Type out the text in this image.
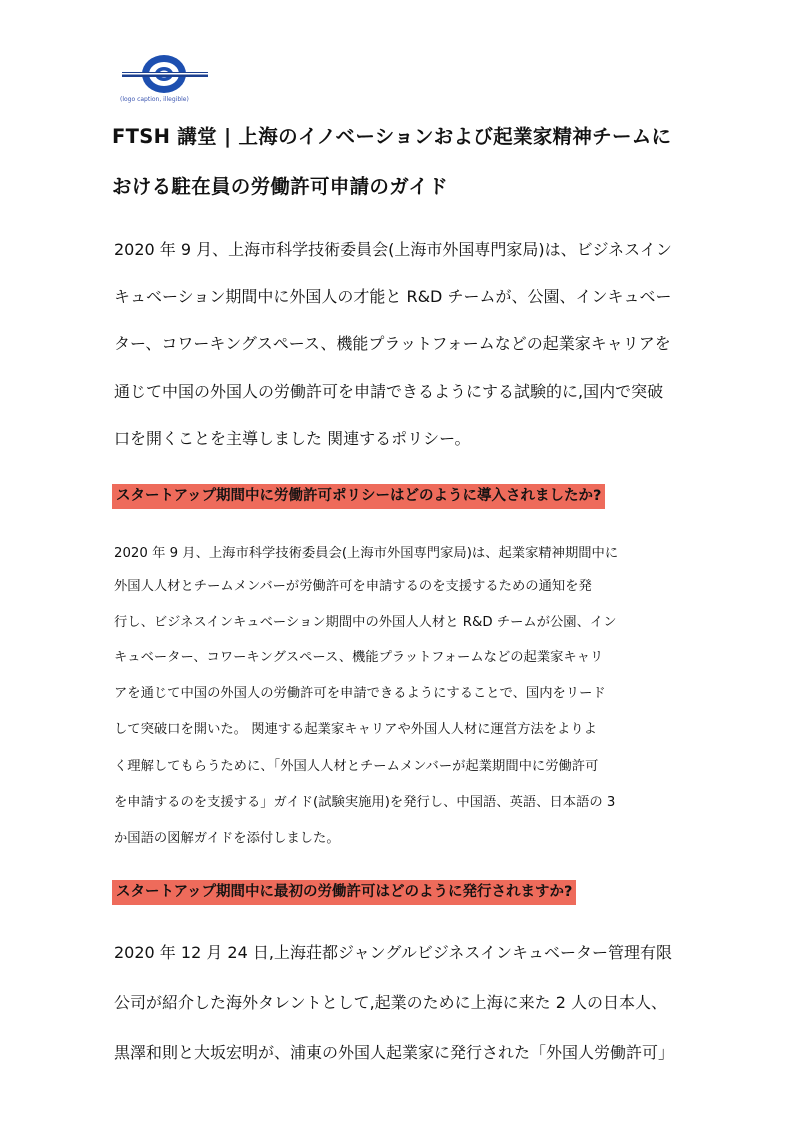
(logo caption, illegible)
FTSH 講堂 | 上海のイノベーションおよび起業家精神チームに
おける駐在員の労働許可申請のガイド
2020 年 9 月、上海市科学技術委員会(上海市外国専門家局)は、ビジネスイン
キュベーション期間中に外国人の才能と R&D チームが、公園、インキュベー
ター、コワーキングスペース、機能プラットフォームなどの起業家キャリアを
通じて中国の外国人の労働許可を申請できるようにする試験的に,国内で突破
口を開くことを主導しました 関連するポリシー。
スタートアップ期間中に労働許可ポリシーはどのように導入されましたか?
2020 年 9 月、上海市科学技術委員会(上海市外国専門家局)は、起業家精神期間中に
外国人人材とチームメンバーが労働許可を申請するのを支援するための通知を発
行し、ビジネスインキュベーション期間中の外国人人材と R&D チームが公園、イン
キュベーター、コワーキングスペース、機能プラットフォームなどの起業家キャリ
アを通じて中国の外国人の労働許可を申請できるようにすることで、国内をリード
して突破口を開いた。 関連する起業家キャリアや外国人人材に運営方法をよりよ
く理解してもらうために、「外国人人材とチームメンバーが起業期間中に労働許可
を申請するのを支援する」ガイド(試験実施用)を発行し、中国語、英語、日本語の 3
か国語の図解ガイドを添付しました。
スタートアップ期間中に最初の労働許可はどのように発行されますか?
2020 年 12 月 24 日,上海荘都ジャングルビジネスインキュベーター管理有限
公司が紹介した海外タレントとして,起業のために上海に来た 2 人の日本人、
黒澤和則と大坂宏明が、浦東の外国人起業家に発行された「外国人労働許可」
